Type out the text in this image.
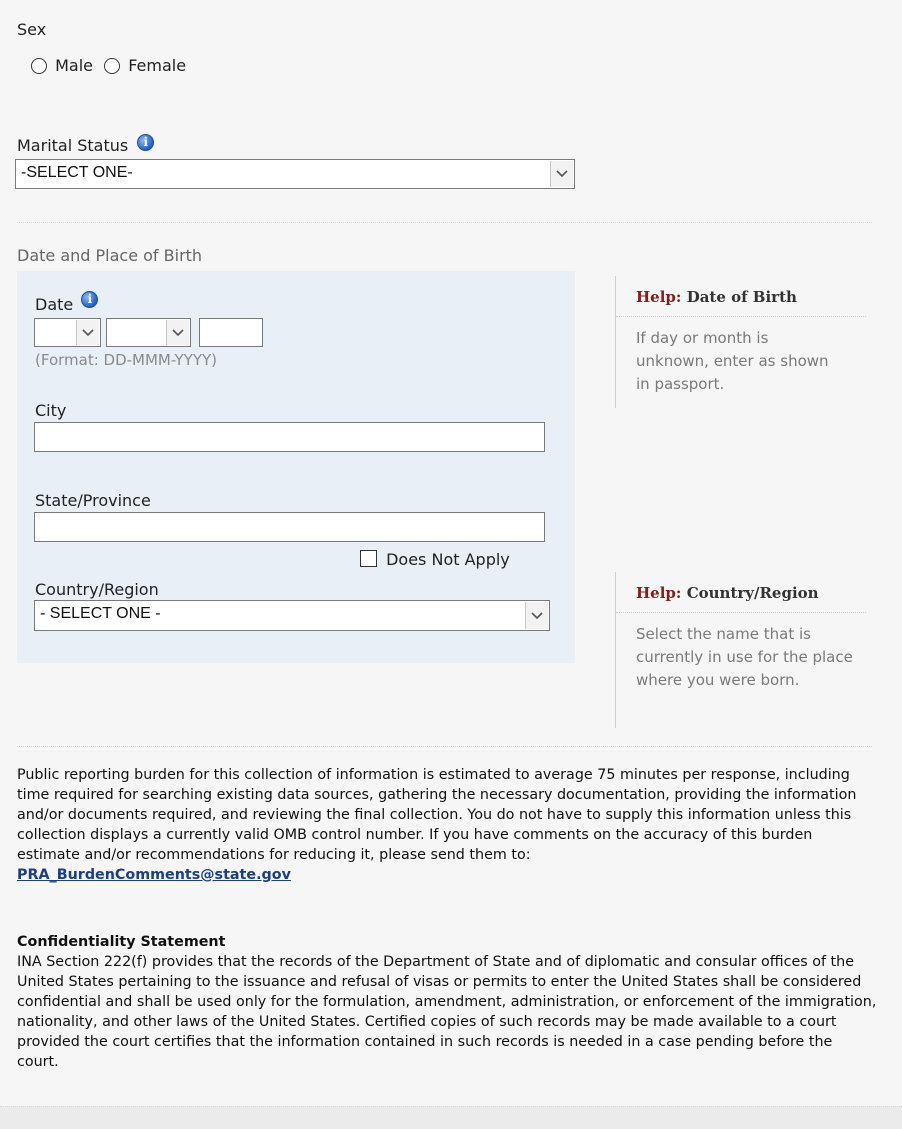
Sex
Male Female
Marital Status i
-SELECT ONE-
Date and Place of Birth
Date i
(Format: DD-MMM-YYYY)
City
State/Province
Does Not Apply
Country/Region
- SELECT ONE -
Help: Date of Birth
If day or month is unknown, enter as shown in passport.
Help: Country/Region
Select the name that is currently in use for the place where you were born.
Public reporting burden for this collection of information is estimated to average 75 minutes per response, including time required for searching existing data sources, gathering the necessary documentation, providing the information and/or documents required, and reviewing the final collection. You do not have to supply this information unless this collection displays a currently valid OMB control number. If you have comments on the accuracy of this burden estimate and/or recommendations for reducing it, please send them to:
PRA_BurdenComments@state.gov
Confidentiality Statement
INA Section 222(f) provides that the records of the Department of State and of diplomatic and consular offices of the United States pertaining to the issuance and refusal of visas or permits to enter the United States shall be considered confidential and shall be used only for the formulation, amendment, administration, or enforcement of the immigration, nationality, and other laws of the United States. Certified copies of such records may be made available to a court provided the court certifies that the information contained in such records is needed in a case pending before the court.
